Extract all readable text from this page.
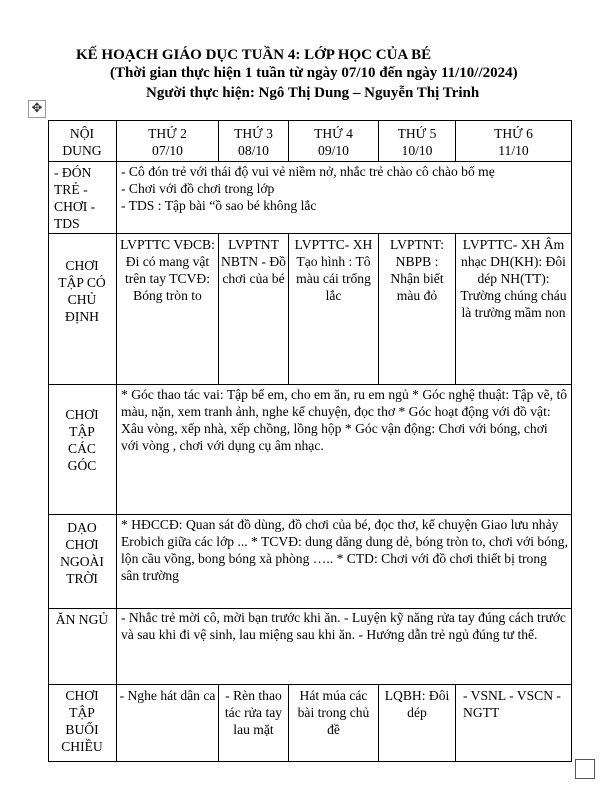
KẾ HOẠCH GIÁO DỤC TUẦN 4: LỚP HỌC CỦA BÉ
(Thời gian thực hiện 1 tuần từ ngày 07/10 đến ngày 11/10//2024)
Người thực hiện: Ngô Thị Dung – Nguyễn Thị Trinh
✥
NỘI DUNG
THỨ 2
07/10
THỨ 3
08/10
THỨ 4
09/10
THỨ 5
10/10
THỨ 6
11/10
- ĐÓN TRẺ - CHƠI - TDS
- Cô đón trẻ với thái độ vui vẻ niềm nở, nhắc trẻ chào cô chào bố mẹ
- Chơi với đồ chơi trong lớp
- TDS : Tập bài “ồ sao bé không lắc
CHƠI TẬP CÓ CHỦ ĐỊNH
LVPTTC VĐCB: Đi có mang vật trên tay TCVĐ: Bóng tròn to
LVPTNT NBTN - Đồ chơi của bé
LVPTTC- XH Tạo hình : Tô màu cái trống lắc
LVPTNT: NBPB : Nhận biết màu đỏ
LVPTTC- XH Âm nhạc DH(KH): Đôi dép NH(TT): Trường chúng cháu là trường mầm non
CHƠI TẬP CÁC GÓC
* Góc thao tác vai: Tập bế em, cho em ăn, ru em ngủ * Góc nghệ thuật: Tập vẽ, tô màu, nặn, xem tranh ảnh, nghe kể chuyện, đọc thơ * Góc hoạt động với đồ vật: Xâu vòng, xếp nhà, xếp chồng, lồng hộp * Góc vận động: Chơi với bóng, chơi với vòng , chơi với dụng cụ âm nhạc.
DẠO CHƠI NGOÀI TRỜI
* HĐCCĐ: Quan sát đồ dùng, đồ chơi của bé, đọc thơ, kể chuyện Giao lưu nhảy Erobich giữa các lớp ... * TCVĐ: dung dăng dung dẻ, bóng tròn to, chơi với bóng, lộn cầu vồng, bong bóng xà phòng ….. * CTD: Chơi với đồ chơi thiết bị trong sân trường
ĂN NGỦ - Nhắc trẻ mời cô, mời bạn trước khi ăn. - Luyện kỹ năng rửa tay đúng cách trước và sau khi đi vệ sinh, lau miệng sau khi ăn. - Hướng dẫn trẻ ngủ đúng tư thế.
CHƠI TẬP BUỔI CHIỀU
- Nghe hát dân ca - Rèn thao tác rửa tay lau mặt
Hát múa các bài trong chủ đề
LQBH: Đôi dép
- VSNL - VSCN - NGTT
